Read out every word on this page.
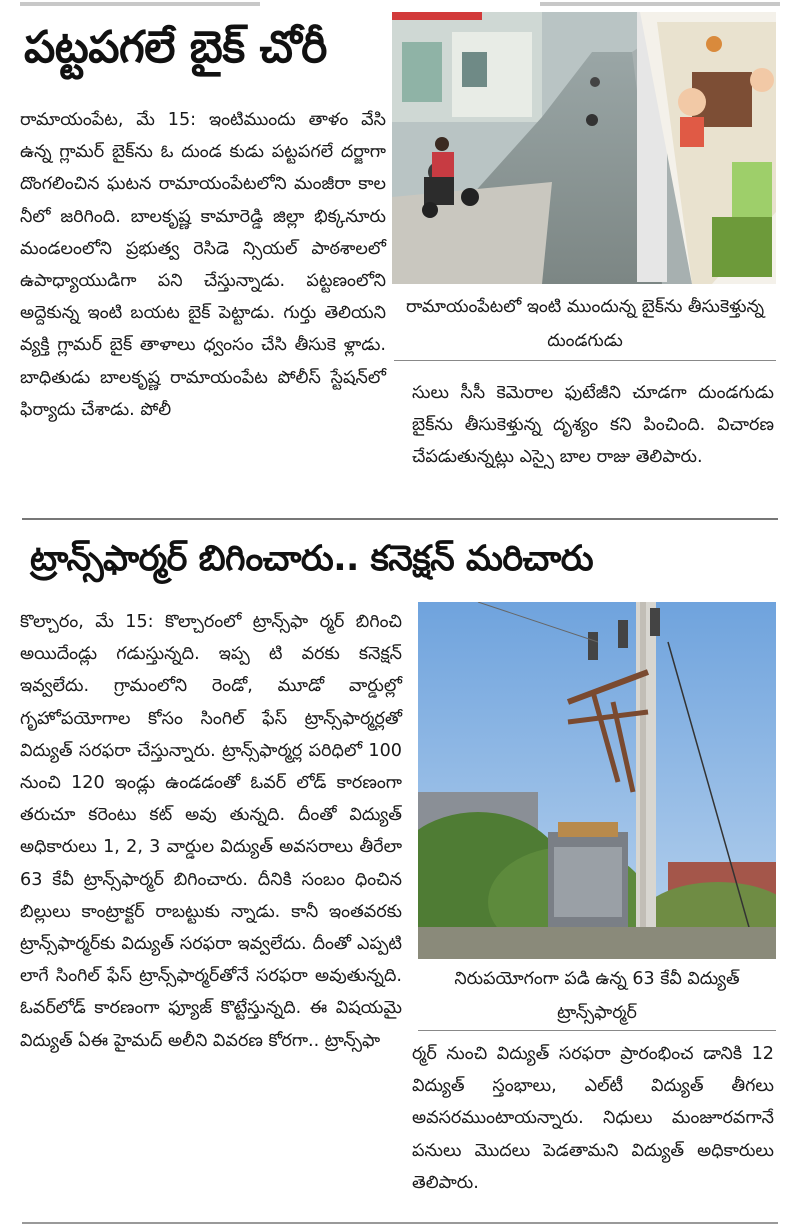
పట్టపగలే బైక్ చోరీ

రామాయంపేట, మే 15: ఇంటిముందు తాళం వేసి ఉన్న గ్లామర్ బైక్‌ను ఓ దుండ కుడు పట్టపగలే దర్జాగా దొంగలించిన ఘటన రామాయంపేటలోని మంజీరా కాల నీలో జరిగింది. బాలకృష్ణ కామారెడ్డి జిల్లా భిక్కనూరు మండలంలోని ప్రభుత్వ రెసిడె న్సియల్ పాఠశాలలో ఉపాధ్యాయుడిగా పని చేస్తున్నాడు. పట్టణంలోని అద్దెకున్న ఇంటి బయట బైక్ పెట్టాడు. గుర్తు తెలియని వ్యక్తి గ్లామర్ బైక్ తాళాలు ధ్వంసం చేసి తీసుకె ళ్లాడు. బాధితుడు బాలకృష్ణ రామాయంపేట పోలీస్ స్టేషన్‌లో ఫిర్యాదు చేశాడు. పోలీ

రామాయంపేటలో ఇంటి ముందున్న బైక్‌ను తీసుకెళ్తున్న దుండగుడు

సులు సీసీ కెమెరాల ఫుటేజీని చూడగా దుండగుడు బైక్‌ను తీసుకెళ్తున్న దృశ్యం కని పించింది. విచారణ చేపడుతున్నట్లు ఎస్సై బాల రాజు తెలిపారు.

ట్రాన్స్‌ఫార్మర్ బిగించారు.. కనెక్షన్ మరిచారు

కొల్చారం, మే 15: కొల్చారంలో ట్రాన్స్‌ఫా ర్మర్ బిగించి అయిదేండ్లు గడుస్తున్నది. ఇప్ప టి వరకు కనెక్షన్ ఇవ్వలేదు. గ్రామంలోని రెండో, మూడో వార్డుల్లో గృహోపయోగాల కోసం సింగిల్ ఫేస్ ట్రాన్స్‌ఫార్మర్లతో విద్యుత్ సరఫరా చేస్తున్నారు. ట్రాన్స్‌ఫార్మర్ల పరిధిలో 100 నుంచి 120 ఇండ్లు ఉండడంతో ఓవర్ లోడ్ కారణంగా తరుచూ కరెంటు కట్ అవు తున్నది. దీంతో విద్యుత్ అధికారులు 1, 2, 3 వార్డుల విద్యుత్ అవసరాలు తీరేలా 63 కేవీ ట్రాన్స్‌ఫార్మర్ బిగించారు. దీనికి సంబం ధించిన బిల్లులు కాంట్రాక్టర్ రాబట్టుకు న్నాడు. కానీ ఇంతవరకు ట్రాన్స్‌ఫార్మర్‌కు విద్యుత్ సరఫరా ఇవ్వలేదు. దీంతో ఎప్పటి లాగే సింగిల్ ఫేస్ ట్రాన్స్‌ఫార్మర్‌తోనే సరఫరా అవుతున్నది. ఓవర్‌లోడ్ కారణంగా ఫ్యూజ్ కొట్టేస్తున్నది. ఈ విషయమై విద్యుత్ ఏఈ హైమద్ అలీని వివరణ కోరగా.. ట్రాన్స్‌ఫా

నిరుపయోగంగా పడి ఉన్న 63 కేవీ విద్యుత్ ట్రాన్స్‌ఫార్మర్

ర్మర్ నుంచి విద్యుత్ సరఫరా ప్రారంభించ డానికి 12 విద్యుత్ స్తంభాలు, ఎల్‌టీ విద్యుత్ తీగలు అవసరముంటాయన్నారు. నిధులు మంజూరవగానే పనులు మొదలు పెడతామని విద్యుత్ అధికారులు తెలిపారు.
